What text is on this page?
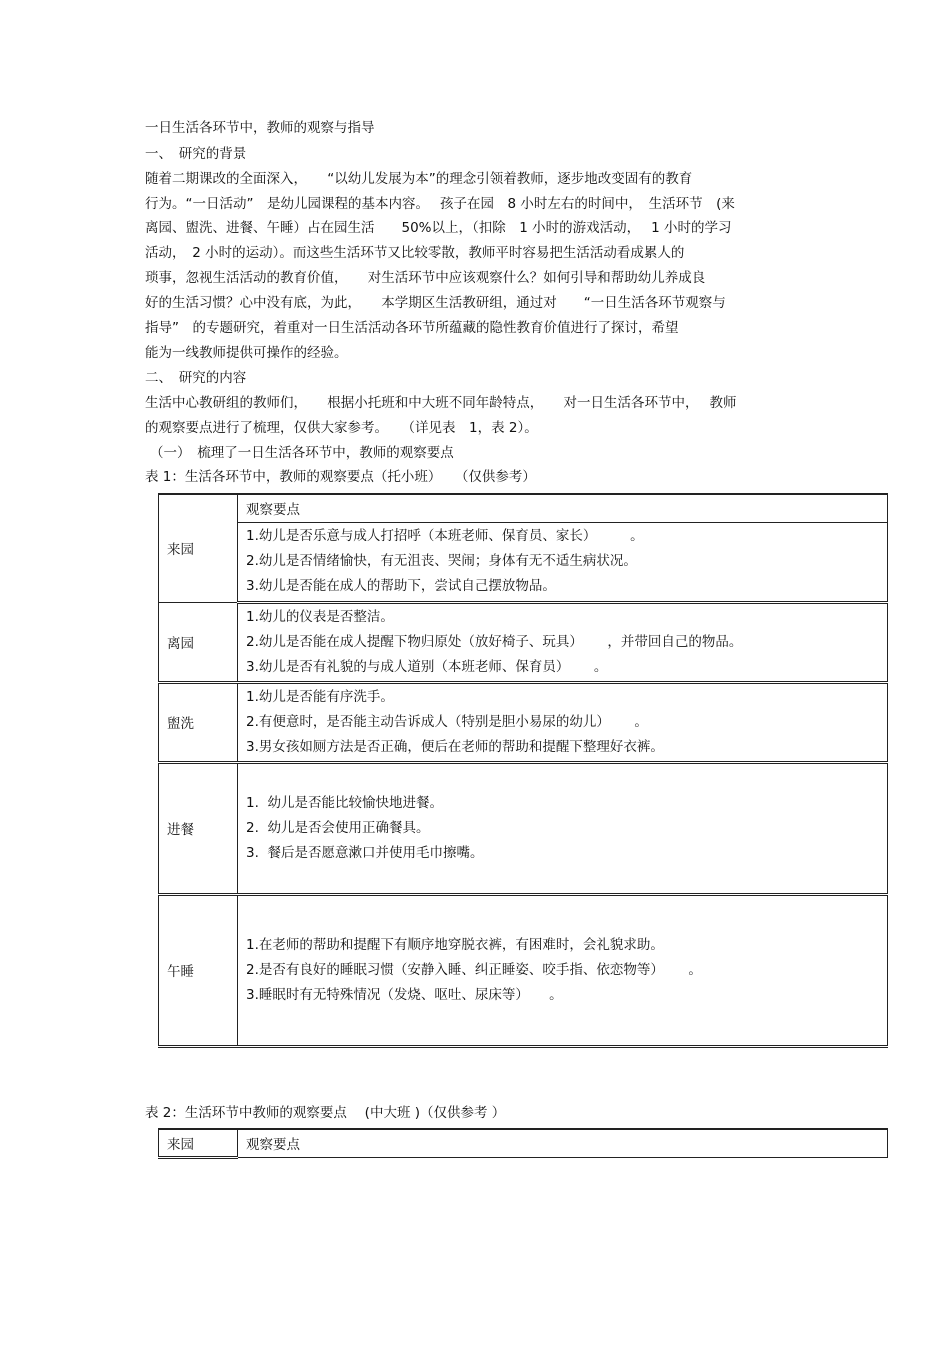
一日生活各环节中，教师的观察与指导
一、　研究的背景
随着二期课改的全面深入，　　“以幼儿发展为本”的理念引领着教师，逐步地改变固有的教育
行为。“一日活动”　是幼儿园课程的基本内容。　 孩子在园　8 小时左右的时间中，　生活环节　(来
离园、盥洗、进餐、午睡）占在园生活　　50%以上，（扣除　1 小时的游戏活动，　 1 小时的学习
活动，　2 小时的运动）。而这些生活环节又比较零散，教师平时容易把生活活动看成累人的
琐事，忽视生活活动的教育价值，　　对生活环节中应该观察什么？如何引导和帮助幼儿养成良
好的生活习惯？心中没有底，为此，　　本学期区生活教研组，通过对　　“一日生活各环节观察与
指导”　的专题研究，着重对一日生活活动各环节所蕴藏的隐性教育价值进行了探讨，希望
能为一线教师提供可操作的经验。
二、　研究的内容
生活中心教研组的教师们，　　根据小托班和中大班不同年龄特点，　　对一日生活各环节中，　 教师
的观察要点进行了梳理，仅供大家参考。　　（详见表　1，表 2）。
（一）　梳理了一日生活各环节中，教师的观察要点
表 1：生活各环节中，教师的观察要点（托小班）　　（仅供参考）
来园	观察要点

	1.幼儿是否乐意与成人打招呼（本班老师、保育员、家长）　　　。
2.幼儿是否情绪愉快，有无沮丧、哭闹；身体有无不适生病状况。
3.幼儿是否能在成人的帮助下，尝试自己摆放物品。

离园	1.幼儿的仪表是否整洁。
2.幼儿是否能在成人提醒下物归原处（放好椅子、玩具）　　 ，并带回自己的物品。
3.幼儿是否有礼貌的与成人道别（本班老师、保育员）　　 。

盥洗	1.幼儿是否能有序洗手。
2.有便意时，是否能主动告诉成人（特别是胆小易尿的幼儿）　　 。
3.男女孩如厕方法是否正确，便后在老师的帮助和提醒下整理好衣裤。

进餐	1.  幼儿是否能比较愉快地进餐。
2.  幼儿是否会使用正确餐具。
3.  餐后是否愿意漱口并使用毛巾擦嘴。

午睡	1.在老师的帮助和提醒下有顺序地穿脱衣裤，有困难时，会礼貌求助。
2.是否有良好的睡眠习惯（安静入睡、纠正睡姿、咬手指、依恋物等）　　 。
3.睡眠时有无特殊情况（发烧、呕吐、尿床等）　　。
表 2：生活环节中教师的观察要点　 (中大班 )（仅供参考 ）
来园	观察要点
